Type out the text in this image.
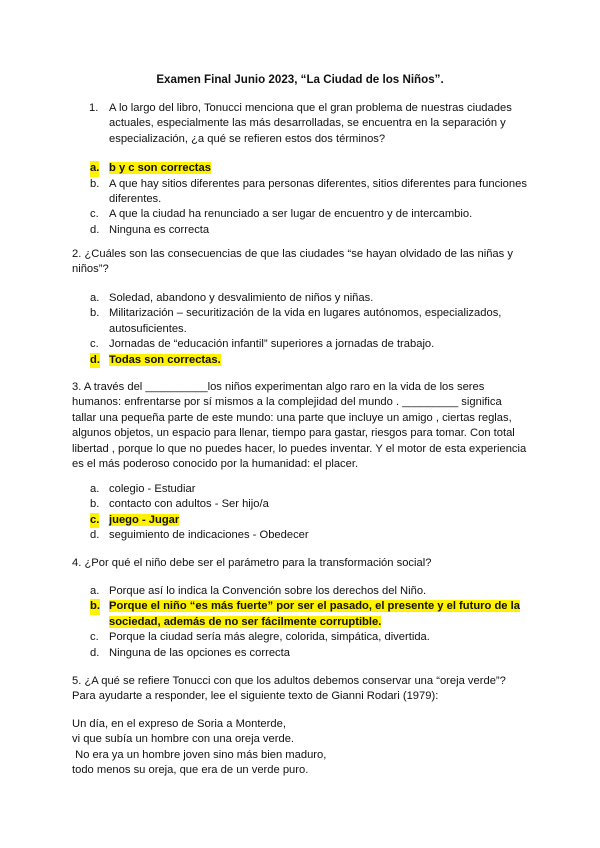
Examen Final Junio 2023, “La Ciudad de los Niños”.
1. A lo largo del libro, Tonucci menciona que el gran problema de nuestras ciudades actuales, especialmente las más desarrolladas, se encuentra en la separación y especialización, ¿a qué se refieren estos dos términos?
a. b y c son correctas
b. A que hay sitios diferentes para personas diferentes, sitios diferentes para funciones diferentes.
c. A que la ciudad ha renunciado a ser lugar de encuentro y de intercambio.
d. Ninguna es correcta
2. ¿Cuáles son las consecuencias de que las ciudades “se hayan olvidado de las niñas y niños”?
a. Soledad, abandono y desvalimiento de niños y niñas.
b. Militarización – securitización de la vida en lugares autónomos, especializados, autosuficientes.
c. Jornadas de “educación infantil” superiores a jornadas de trabajo.
d. Todas son correctas.
3. A través del __________los niños experimentan algo raro en la vida de los seres humanos: enfrentarse por sí mismos a la complejidad del mundo . _________ significa tallar una pequeña parte de este mundo: una parte que incluye un amigo , ciertas reglas, algunos objetos, un espacio para llenar, tiempo para gastar, riesgos para tomar. Con total libertad , porque lo que no puedes hacer, lo puedes inventar. Y el motor de esta experiencia es el más poderoso conocido por la humanidad: el placer.
a. colegio - Estudiar
b. contacto con adultos - Ser hijo/a
c. juego - Jugar
d. seguimiento de indicaciones - Obedecer
4. ¿Por qué el niño debe ser el parámetro para la transformación social?
a. Porque así lo indica la Convención sobre los derechos del Niño.
b. Porque el niño “es más fuerte” por ser el pasado, el presente y el futuro de la sociedad, además de no ser fácilmente corruptible.
c. Porque la ciudad sería más alegre, colorida, simpática, divertida.
d. Ninguna de las opciones es correcta
5. ¿A qué se refiere Tonucci con que los adultos debemos conservar una “oreja verde”? Para ayudarte a responder, lee el siguiente texto de Gianni Rodari (1979):
Un día, en el expreso de Soria a Monterde,
vi que subía un hombre con una oreja verde.
No era ya un hombre joven sino más bien maduro,
todo menos su oreja, que era de un verde puro.
